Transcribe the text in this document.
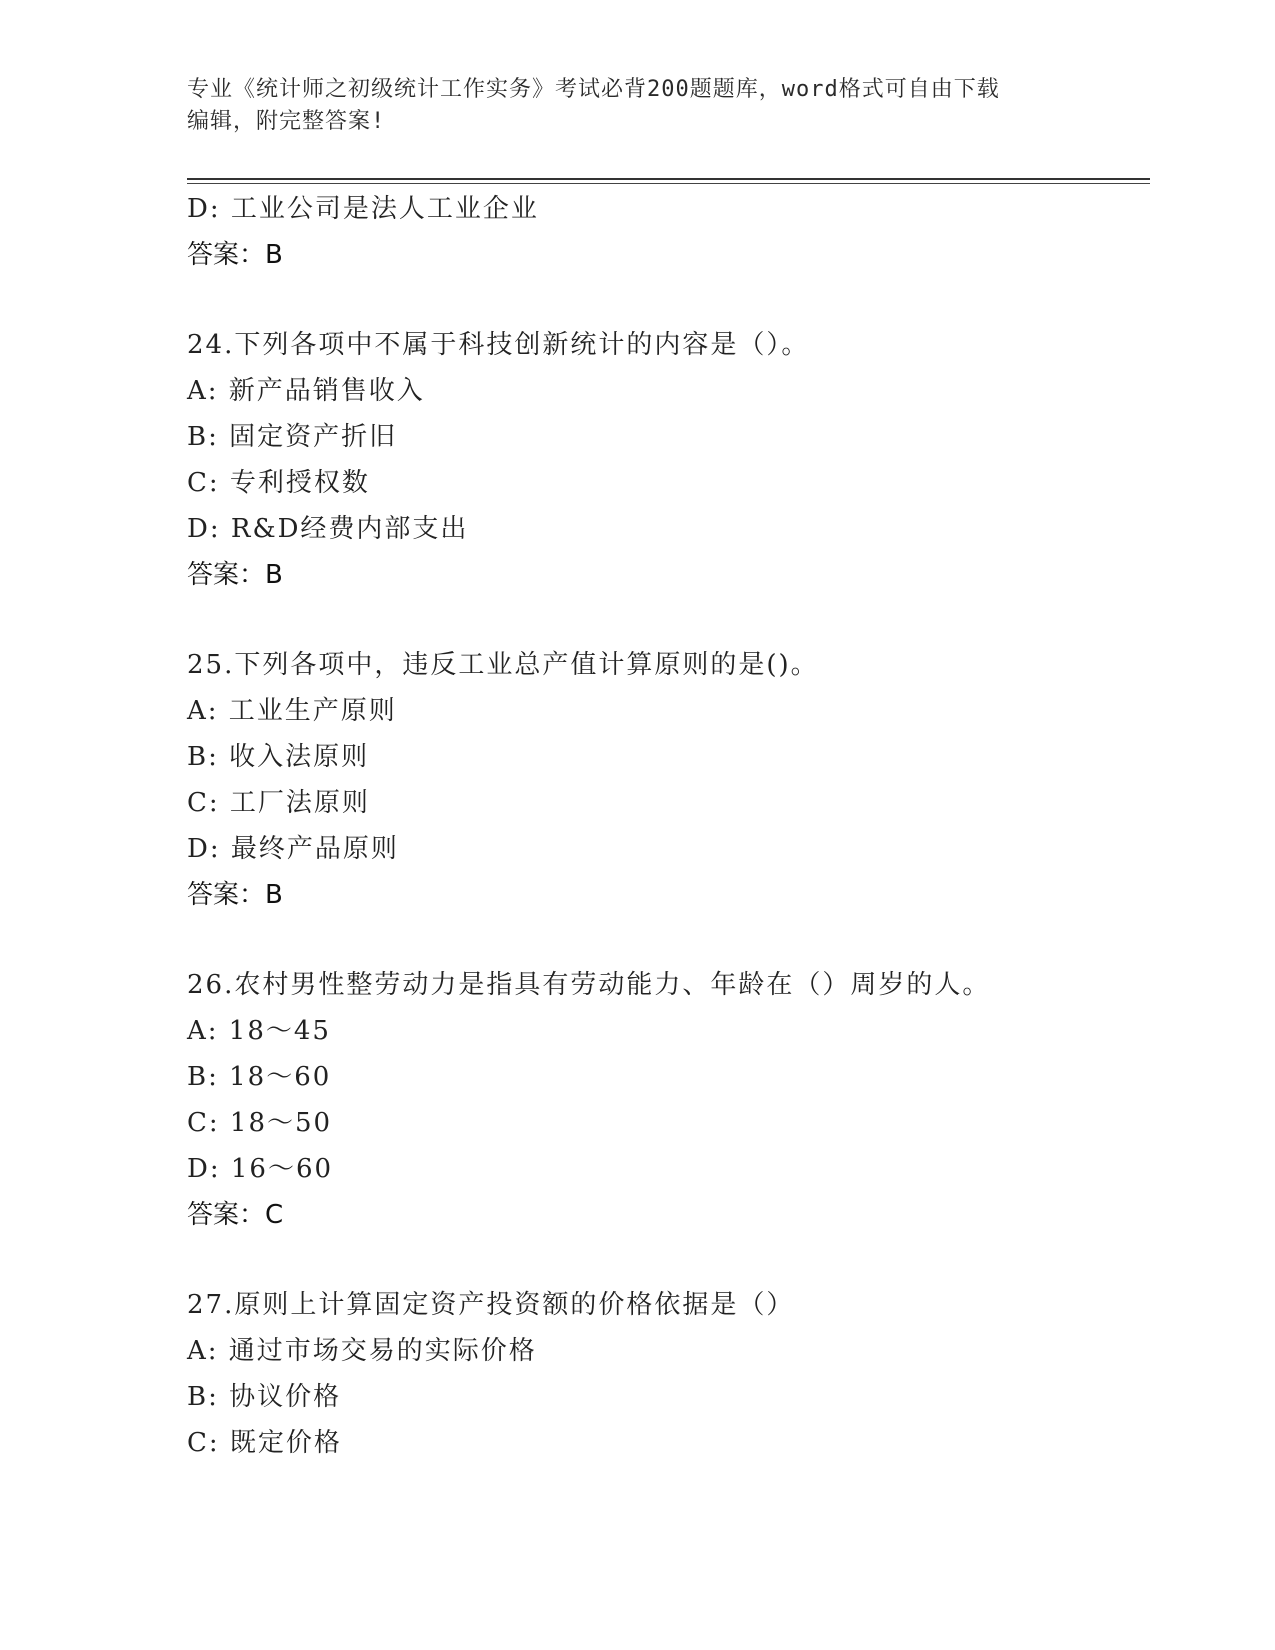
专业《统计师之初级统计工作实务》考试必背200题题库，word格式可自由下载
编辑，附完整答案!
D: 工业公司是法人工业企业
答案：B
24.下列各项中不属于科技创新统计的内容是（）。
A: 新产品销售收入
B: 固定资产折旧
C: 专利授权数
D: R&D经费内部支出
答案：B
25.下列各项中，违反工业总产值计算原则的是()。
A: 工业生产原则
B: 收入法原则
C: 工厂法原则
D: 最终产品原则
答案：B
26.农村男性整劳动力是指具有劳动能力、年龄在（）周岁的人。
A: 18～45
B: 18～60
C: 18～50
D: 16～60
答案：C
27.原则上计算固定资产投资额的价格依据是（）
A: 通过市场交易的实际价格
B: 协议价格
C: 既定价格
